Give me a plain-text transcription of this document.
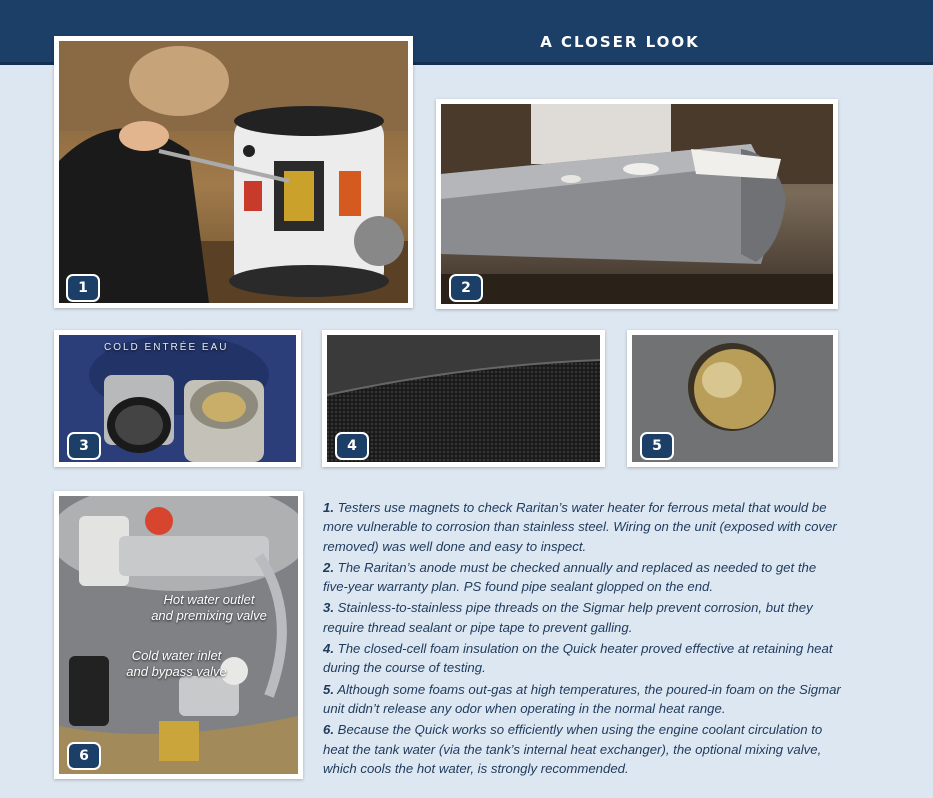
A CLOSER LOOK
1	2
COLD ENTRÉE EAU
3	4	5
Hot water outlet
and premixing valve
Cold water inlet
and bypass valve
6

1. Testers use magnets to check Raritan’s water heater for ferrous metal that would be more vulnerable to corrosion than stainless steel. Wiring on the unit (exposed with cover removed) was well done and easy to inspect.

2. The Raritan’s anode must be checked annually and replaced as needed to get the five-year warranty plan. PS found pipe sealant glopped on the end.

3. Stainless-to-stainless pipe threads on the Sigmar help prevent corrosion, but they require thread sealant or pipe tape to prevent galling.

4. The closed-cell foam insulation on the Quick heater proved effective at retaining heat during the course of testing.

5. Although some foams out-gas at high temperatures, the poured-in foam on the Sigmar unit didn’t release any odor when operating in the normal heat range.

6. Because the Quick works so efficiently when using the engine coolant circulation to heat the tank water (via the tank’s internal heat exchanger), the optional mixing valve, which cools the hot water, is strongly recommended.
